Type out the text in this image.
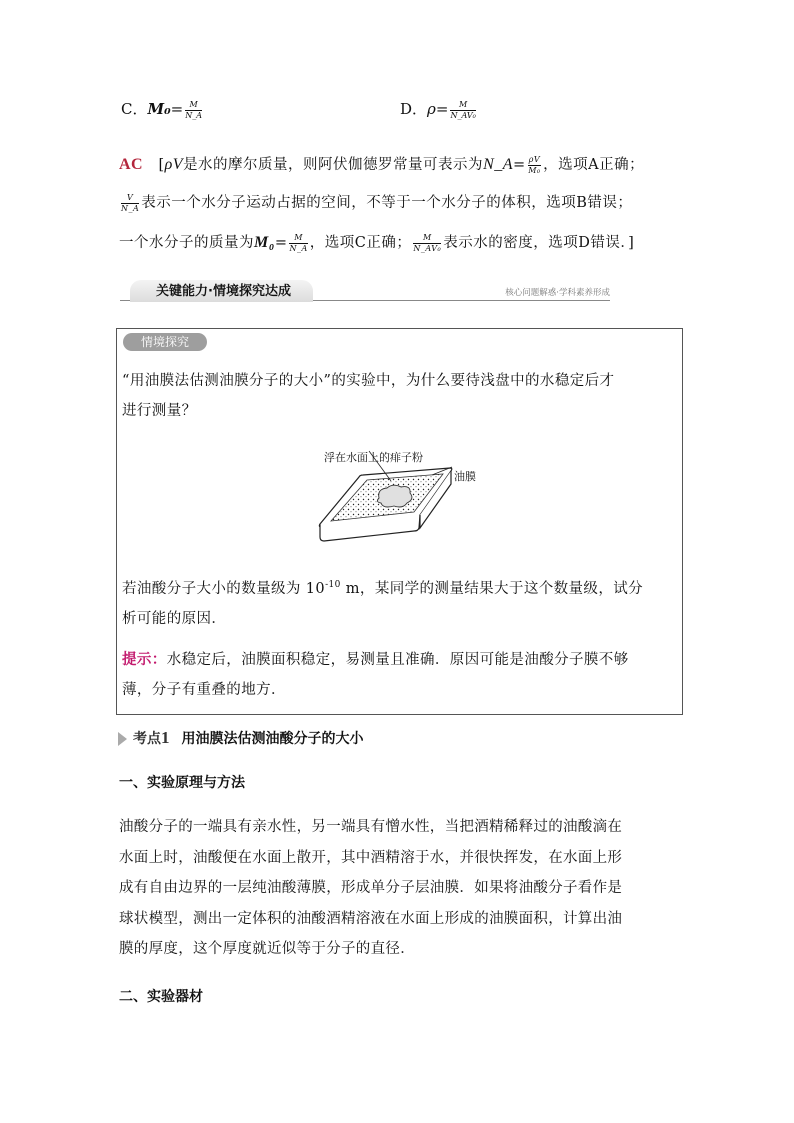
C．$M_0= \frac{M}{N\_A}$	D．$\rho= \frac{M}{\text{N\_AV₀}}$
AC [ρV是水的摩尔质量，则阿伏伽德罗常量可表示为N_A= $\frac{\rho V}{\text{M₀}}$ ，选项A正确；
$\frac{V}{N\_A}$ 表示一个水分子运动占据的空间，不等于一个水分子的体积，选项B错误；
一个水分子的质量为$M_0= \frac{M}{N\_A}$ ，选项C正确； $\frac{M}{\text{N\_AV₀}}$ 表示水的密度，选项D错误．]
关键能力·情境探究达成	核心问题解惑·学科素养形成
情境探究
“用油膜法估测油膜分子的大小”的实验中，为什么要待浅盘中的水稳定后才
进行测量？
浮在水面上的痱子粉
油膜
若油酸分子大小的数量级为 $10^{-10}$ m，某同学的测量结果大于这个数量级，试分
析可能的原因．
提示：水稳定后，油膜面积稳定，易测量且准确．原因可能是油酸分子膜不够
薄，分子有重叠的地方．
考点1 用油膜法估测油酸分子的大小
一、实验原理与方法
油酸分子的一端具有亲水性，另一端具有憎水性，当把酒精稀释过的油酸滴在
水面上时，油酸便在水面上散开，其中酒精溶于水，并很快挥发，在水面上形
成有自由边界的一层纯油酸薄膜，形成单分子层油膜．如果将油酸分子看作是
球状模型，测出一定体积的油酸酒精溶液在水面上形成的油膜面积，计算出油
膜的厚度，这个厚度就近似等于分子的直径．
二、实验器材
